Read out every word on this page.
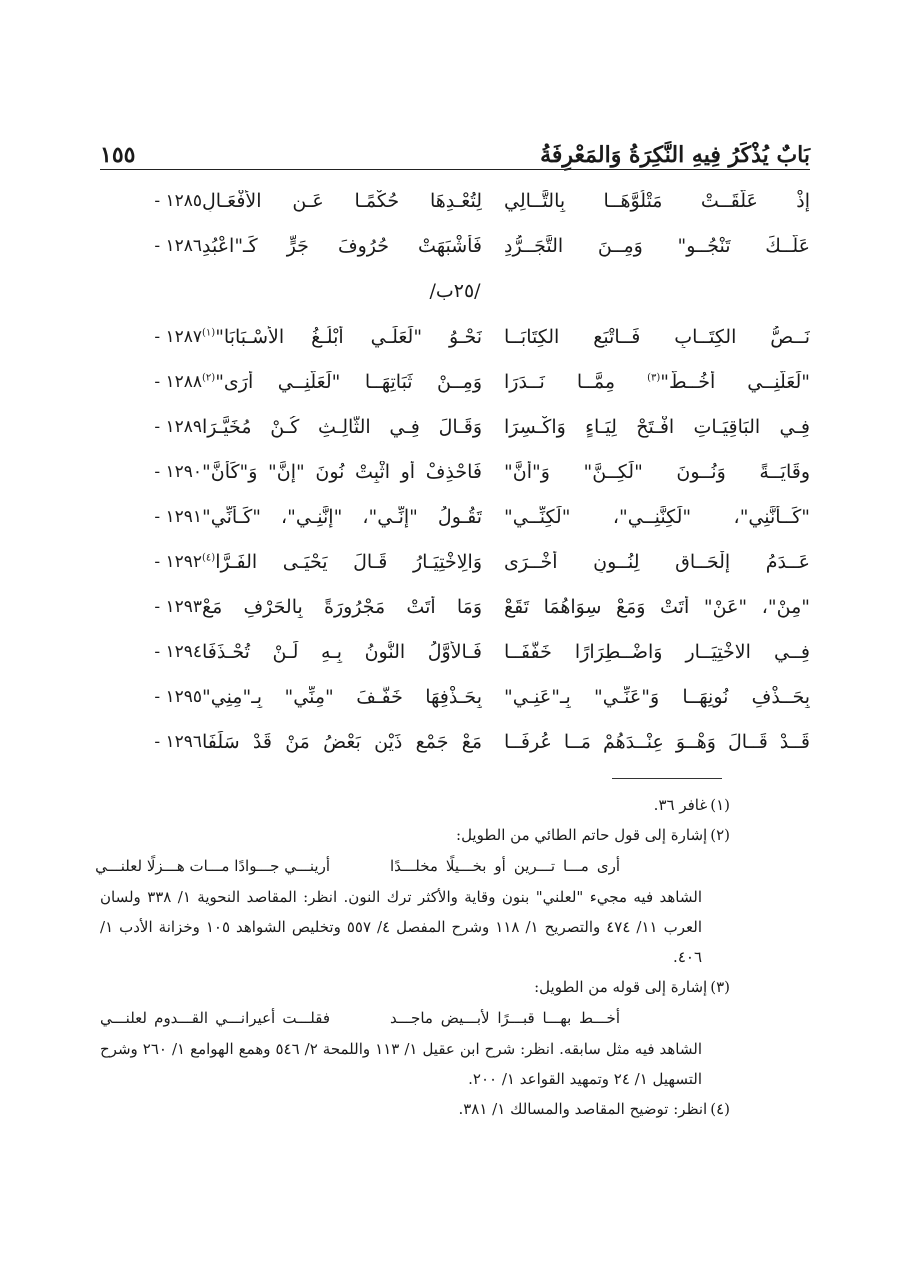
بَابٌ يُذْكَرُ فِيهِ النَّكِرَةُ وَالمَعْرِفَةُ
١٥٥
١٢٨٥ - لِتُعْـدِهَا حُكْمًـا عَـنِ الأَفْعَـالِ إِذْ عَلَّقَــتْ مَتْلُوَّهَــا بِالتَّــالِي
١٢٨٦ - فَأَشْبَهَتْ حُرُوفَ جَرٍّ كَـ"اعْبُدِ عَلَّــكَ تَنْجُــو" وَمِــنَ التَّجَــرُّدِ
/٢٥ب/
١٢٨٧ - نَحْـوُ "لَعَلِّـي أَبْلُـغُ الأَسْـبَابَا"$^{(١)}$	نَــصُّ الكِتَــابِ فَــاتْبَعِ الكِتَابَــا
١٢٨٨ - وَمِــنْ ثَبَاتِهَــا "لَعَلَّنِــي أَرَى"$^{(٢)}$	"لَعَلَّنِــي أَخُــطُّ"$^{(٣)}$ مِمَّــا نَــدَرَا
١٢٨٩ - وَقَـالَ فِـي الثَّالِـثِ كُـنْ مُخَيَّـرَا فِـي البَاقِيَـاتِ افْـتَحْ لِيَـاءٍ وَاكْـسِرَا
١٢٩٠ - فَاحْذِفْ أَوِ اثْبِتْ نُونَ "إِنَّ" وَ"كَأَنَّ" وِقَايَــةً وَنُــونَ "لَكِــنَّ" وَ"أَنَّ"
١٢٩١ - تَقُـولُ "إِنِّـي"، "إِنَّنِـي"، "كَـأَنِّي" "كَــأَنَّنِي"، "لَكِنَّنِــي"، "لَكِنِّــي"
١٢٩٢ - وَالِاخْتِيَـارُ قَـالَ يَحْيَـى الفَـرَّا$^{(٤)}$	عَــدَمُ إِلْحَــاقٍ لِنُــونٍ أُخْــرَى
١٢٩٣ - وَمَا أَتَتْ مَجْرُورَةً بِالحَرْفِ مَعْ "مِنْ"، "عَنْ" أَتَتْ وَمَعْ سِوَاهُمَا تَقَعْ
١٢٩٤ - فَـالأَوَّلُ النُّونُ بِـهِ لَـنْ تُحْـذَفَا فِــي الاخْتِيَــارِ وَاضْــطِرَارًا خَفَّفَــا
١٢٩٥ - بِحَـذْفِهَا خَفَّـفَ "مِنِّي" بِـ"مِنِي" بِحَــذْفِ نُونِهَــا وَ"عَنِّـي" بِـ"عَنِـي"
١٢٩٦ - مَعْ جَمْعِ ذَيْنِ بَعْضُ مَنْ قَدْ سَلَفَا قَــدْ قَــالَ وَهْــوَ عِنْــدَهُمْ مَــا عُرِفَــا

(١)غافر ٣٦.

(٢)إشارة إلى قول حاتم الطائي من الطويل:

أرينـــي جـــوادًا مـــات هـــزلًا لعلنـــي	أرى مـــا تـــرين أو بخـــيلًا مخلـــدًا

الشاهد فيه مجيء "لعلني" بنون وقاية والأكثر ترك النون. انظر: المقاصد النحوية ١/ ٣٣٨ ولسان العرب ١١/ ٤٧٤ والتصريح ١/ ١١٨ وشرح المفصل ٤/ ٥٥٧ وتخليص الشواهد ١٠٥ وخزانة الأدب ١/ ٤٠٦.

(٣)إشارة إلى قوله من الطويل:

فقلـــت أعيرانـــي القـــدوم لعلنـــي	أخـــط بهـــا قبـــرًا لأبـــيض ماجـــد

الشاهد فيه مثل سابقه. انظر: شرح ابن عقيل ١/ ١١٣ واللمحة ٢/ ٥٤٦ وهمع الهوامع ١/ ٢٦٠ وشرح التسهيل ١/ ٢٤ وتمهيد القواعد ١/ ٢٠٠.

(٤)انظر: توضيح المقاصد والمسالك ١/ ٣٨١.
